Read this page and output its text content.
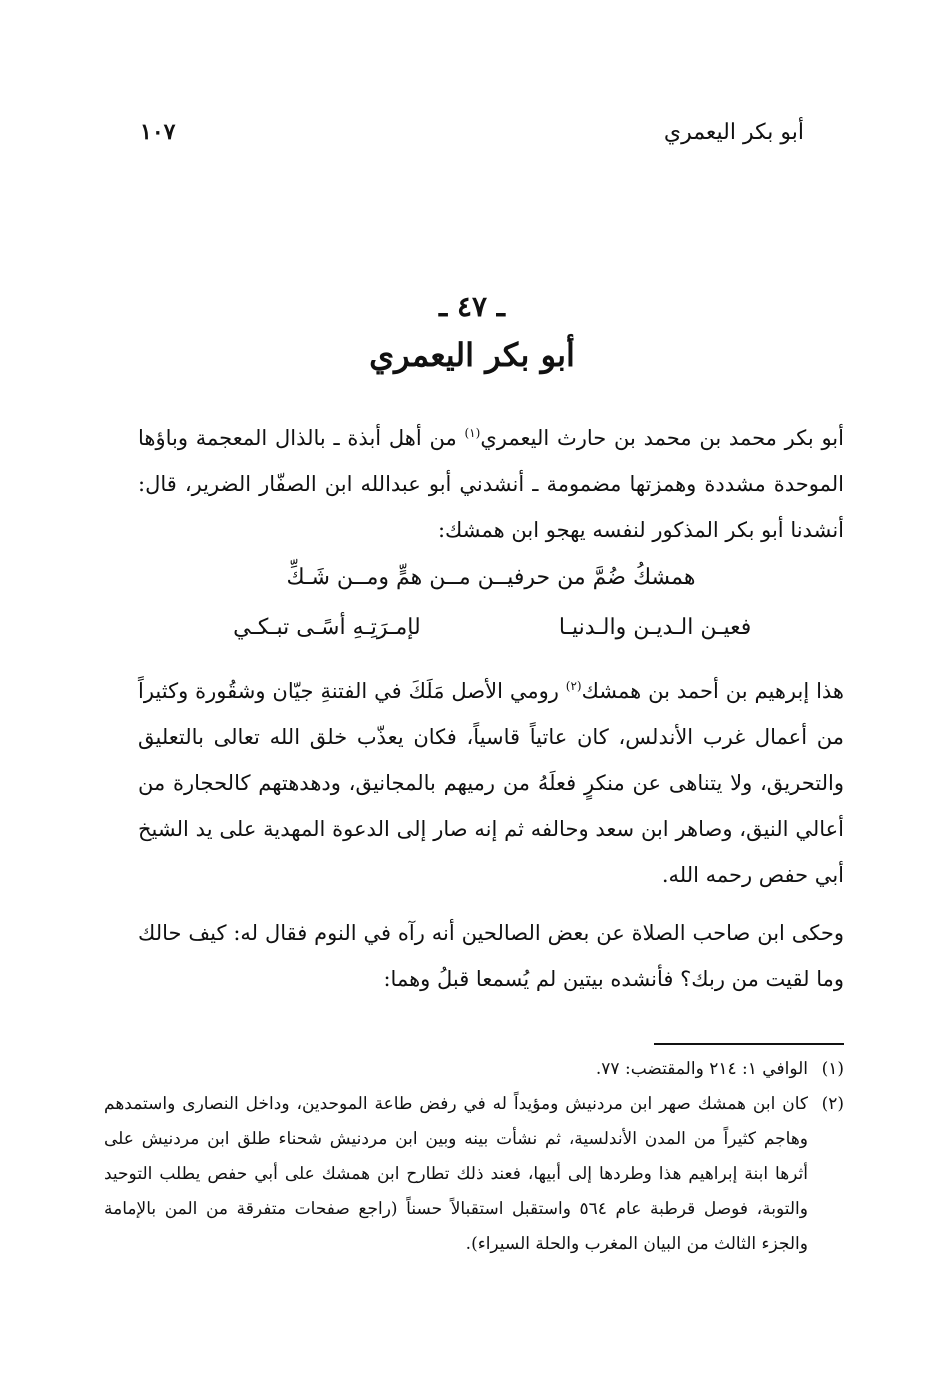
أبو بكر اليعمري
١٠٧
ـ ٤٧ ـ
أبو بكر اليعمري

أبو بكر محمد بن محمد بن حارث اليعمري$^{(١)}$ من أهل أبذة ـ بالذال المعجمة وباؤها الموحدة مشددة وهمزتها مضمومة ـ أنشدني أبو عبدالله ابن الصفّار الضرير، قال: أنشدنا أبو بكر المذكور لنفسه يهجو ابن همشك:

همشكُ ضُمَّ من حرفيــن مــن همٍّ ومــن شَـكِّ
فعيـن الـديـن والـدنيـا
لإمـرَتِـهِ أسًـى تبـكـي

هذا إبرهيم بن أحمد بن همشك$^{(٢)}$ رومي الأصل مَلَكَ في الفتنةِ جيّان وشقُورة وكثيراً من أعمال غرب الأندلس، كان عاتياً قاسياً، فكان يعذّب خلق الله تعالى بالتعليق والتحريق، ولا يتناهى عن منكرٍ فعلَهُ من رميهم بالمجانيق، ودهدهتهم كالحجارة من أعالي النيق، وصاهر ابن سعد وحالفه ثم إنه صار إلى الدعوة المهدية على يد الشيخ أبي حفص رحمه الله.

وحكى ابن صاحب الصلاة عن بعض الصالحين أنه رآه في النوم فقال له: كيف حالك وما لقيت من ربك؟ فأنشده بيتين لم يُسمعا قبلُ وهما:

(١)
الوافي ١: ٢١٤ والمقتضب: ٧٧.

(٢)
كان ابن همشك صهر ابن مردنيش ومؤيداً له في رفض طاعة الموحدين، وداخل النصارى واستمدهم وهاجم كثيراً من المدن الأندلسية، ثم نشأت بينه وبين ابن مردنيش شحناء طلق ابن مردنيش على أثرها ابنة إبراهيم هذا وطردها إلى أبيها، فعند ذلك تطارح ابن همشك على أبي حفص يطلب التوحيد والتوبة، فوصل قرطبة عام ٥٦٤ واستقبل استقبالاً حسناً (راجع صفحات متفرقة من المن بالإمامة والجزء الثالث من البيان المغرب والحلة السيراء).
